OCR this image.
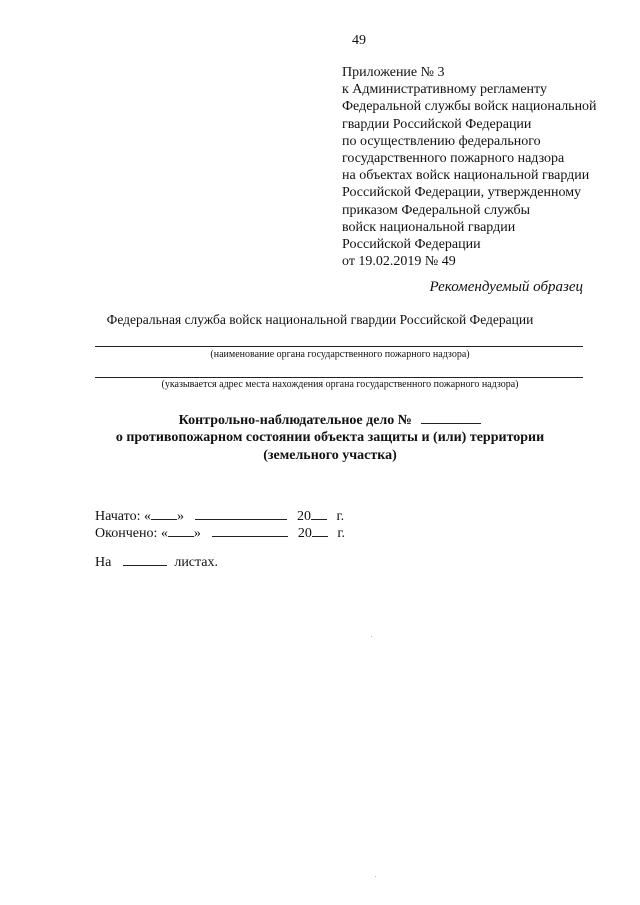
49
Приложение № 3
к Административному регламенту
Федеральной службы войск национальной
гвардии Российской Федерации
по осуществлению федерального
государственного пожарного надзора
на объектах войск национальной гвардии
Российской Федерации, утвержденному
приказом Федеральной службы
войск национальной гвардии
Российской Федерации
от 19.02.2019 № 49
Рекомендуемый образец
Федеральная служба войск национальной гвардии Российской Федерации
(наименование органа государственного пожарного надзора)
(указывается адрес места нахождения органа государственного пожарного надзора)
Контрольно-наблюдательное дело №
о противопожарном состоянии объекта защиты и (или) территории
(земельного участка)
Начато: « »	20 г.
Окончено: « »	20 г.
На	листах.
